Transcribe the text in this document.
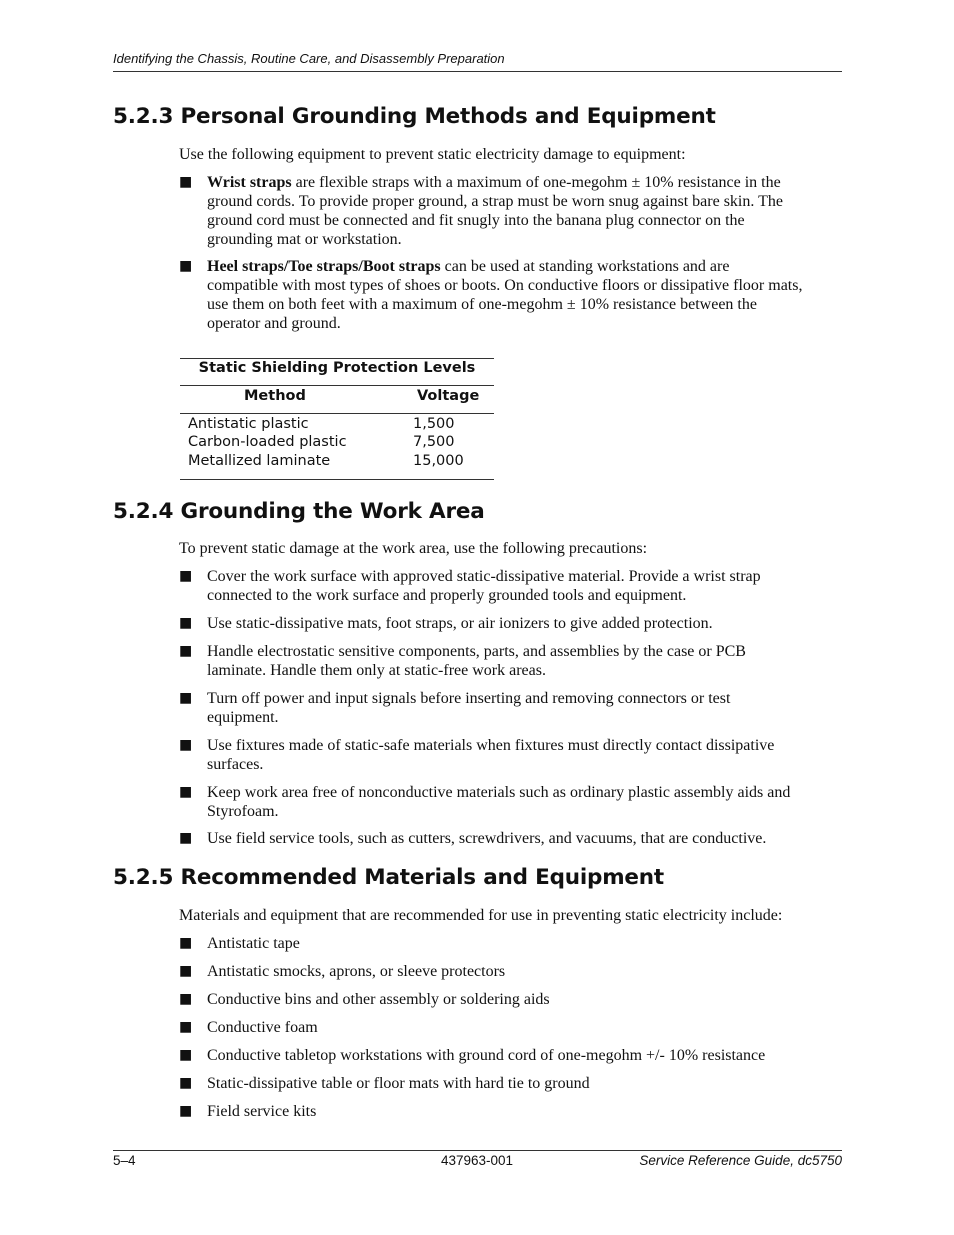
Identifying the Chassis, Routine Care, and Disassembly Preparation
5.2.3 Personal Grounding Methods and Equipment
Use the following equipment to prevent static electricity damage to equipment:
■ Wrist straps are flexible straps with a maximum of one-megohm ± 10% resistance in the
ground cords. To provide proper ground, a strap must be worn snug against bare skin. The
ground cord must be connected and fit snugly into the banana plug connector on the
grounding mat or workstation.
■ Heel straps/Toe straps/Boot straps can be used at standing workstations and are
compatible with most types of shoes or boots. On conductive floors or dissipative floor mats,
use them on both feet with a maximum of one-megohm ± 10% resistance between the
operator and ground.
Static Shielding Protection Levels
Method	Voltage
Antistatic plastic	1,500
Carbon-loaded plastic	7,500
Metallized laminate	15,000
5.2.4 Grounding the Work Area
To prevent static damage at the work area, use the following precautions:
■ Cover the work surface with approved static-dissipative material. Provide a wrist strap
connected to the work surface and properly grounded tools and equipment.
■ Use static-dissipative mats, foot straps, or air ionizers to give added protection.
■ Handle electrostatic sensitive components, parts, and assemblies by the case or PCB
laminate. Handle them only at static-free work areas.
■ Turn off power and input signals before inserting and removing connectors or test
equipment.
■ Use fixtures made of static-safe materials when fixtures must directly contact dissipative
surfaces.
■ Keep work area free of nonconductive materials such as ordinary plastic assembly aids and
Styrofoam.
■ Use field service tools, such as cutters, screwdrivers, and vacuums, that are conductive.
5.2.5 Recommended Materials and Equipment
Materials and equipment that are recommended for use in preventing static electricity include:
■ Antistatic tape
■ Antistatic smocks, aprons, or sleeve protectors
■ Conductive bins and other assembly or soldering aids
■ Conductive foam
■ Conductive tabletop workstations with ground cord of one-megohm +/- 10% resistance
■ Static-dissipative table or floor mats with hard tie to ground
■ Field service kits
5–4	437963-001	Service Reference Guide, dc5750
